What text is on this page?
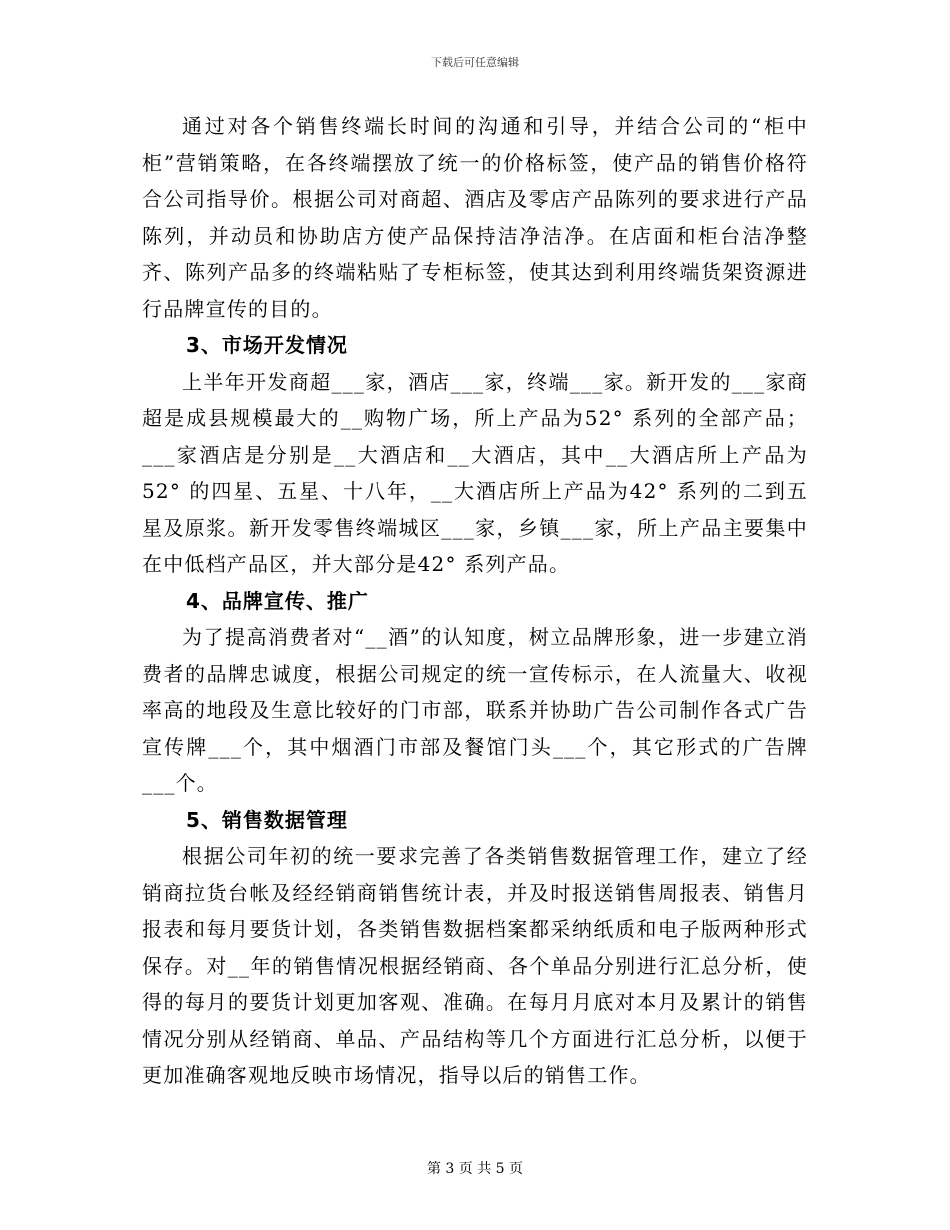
下载后可任意编辑

通过对各个销售终端长时间的沟通和引导，并结合公司的“柜中柜”营销策略，在各终端摆放了统一的价格标签，使产品的销售价格符合公司指导价。根据公司对商超、酒店及零店产品陈列的要求进行产品陈列，并动员和协助店方使产品保持洁净洁净。在店面和柜台洁净整齐、陈列产品多的终端粘贴了专柜标签，使其达到利用终端货架资源进行品牌宣传的目的。

3、市场开发情况

上半年开发商超___家，酒店___家，终端___家。新开发的___家商超是成县规模最大的__购物广场，所上产品为52° 系列的全部产品；___家酒店是分别是__大酒店和__大酒店，其中__大酒店所上产品为52° 的四星、五星、十八年，__大酒店所上产品为42° 系列的二到五星及原浆。新开发零售终端城区___家，乡镇___家，所上产品主要集中在中低档产品区，并大部分是42° 系列产品。

4、品牌宣传、推广

为了提高消费者对“__酒”的认知度，树立品牌形象，进一步建立消费者的品牌忠诚度，根据公司规定的统一宣传标示，在人流量大、收视率高的地段及生意比较好的门市部，联系并协助广告公司制作各式广告宣传牌___个，其中烟酒门市部及餐馆门头___个，其它形式的广告牌___个。

5、销售数据管理

根据公司年初的统一要求完善了各类销售数据管理工作，建立了经销商拉货台帐及经经销商销售统计表，并及时报送销售周报表、销售月报表和每月要货计划，各类销售数据档案都采纳纸质和电子版两种形式保存。对__年的销售情况根据经销商、各个单品分别进行汇总分析，使得的每月的要货计划更加客观、准确。在每月月底对本月及累计的销售情况分别从经销商、单品、产品结构等几个方面进行汇总分析，以便于更加准确客观地反映市场情况，指导以后的销售工作。

第 3 页 共 5 页
